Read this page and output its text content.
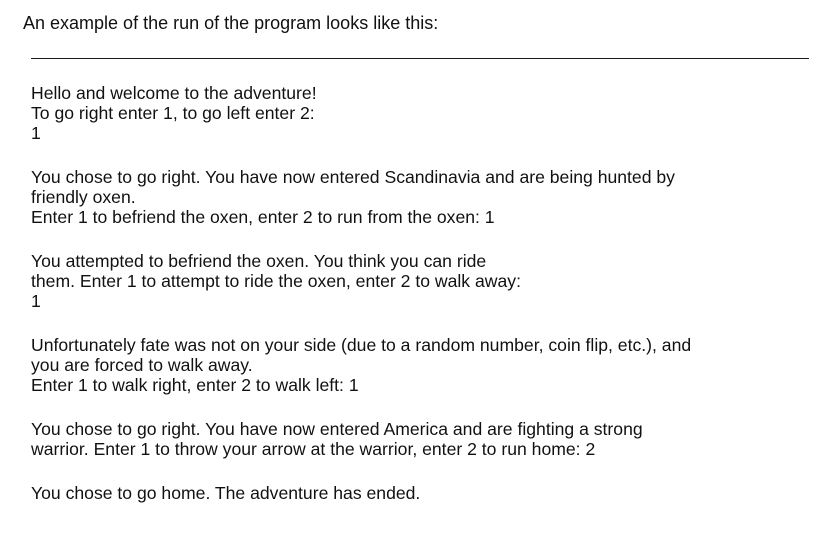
An example of the run of the program looks like this:
Hello and welcome to the adventure!
To go right enter 1, to go left enter 2:
1
You chose to go right. You have now entered Scandinavia and are being hunted by
friendly oxen.
Enter 1 to befriend the oxen, enter 2 to run from the oxen: 1
You attempted to befriend the oxen. You think you can ride
them. Enter 1 to attempt to ride the oxen, enter 2 to walk away:
1
Unfortunately fate was not on your side (due to a random number, coin flip, etc.), and
you are forced to walk away.
Enter 1 to walk right, enter 2 to walk left: 1
You chose to go right. You have now entered America and are fighting a strong
warrior. Enter 1 to throw your arrow at the warrior, enter 2 to run home: 2
You chose to go home. The adventure has ended.
